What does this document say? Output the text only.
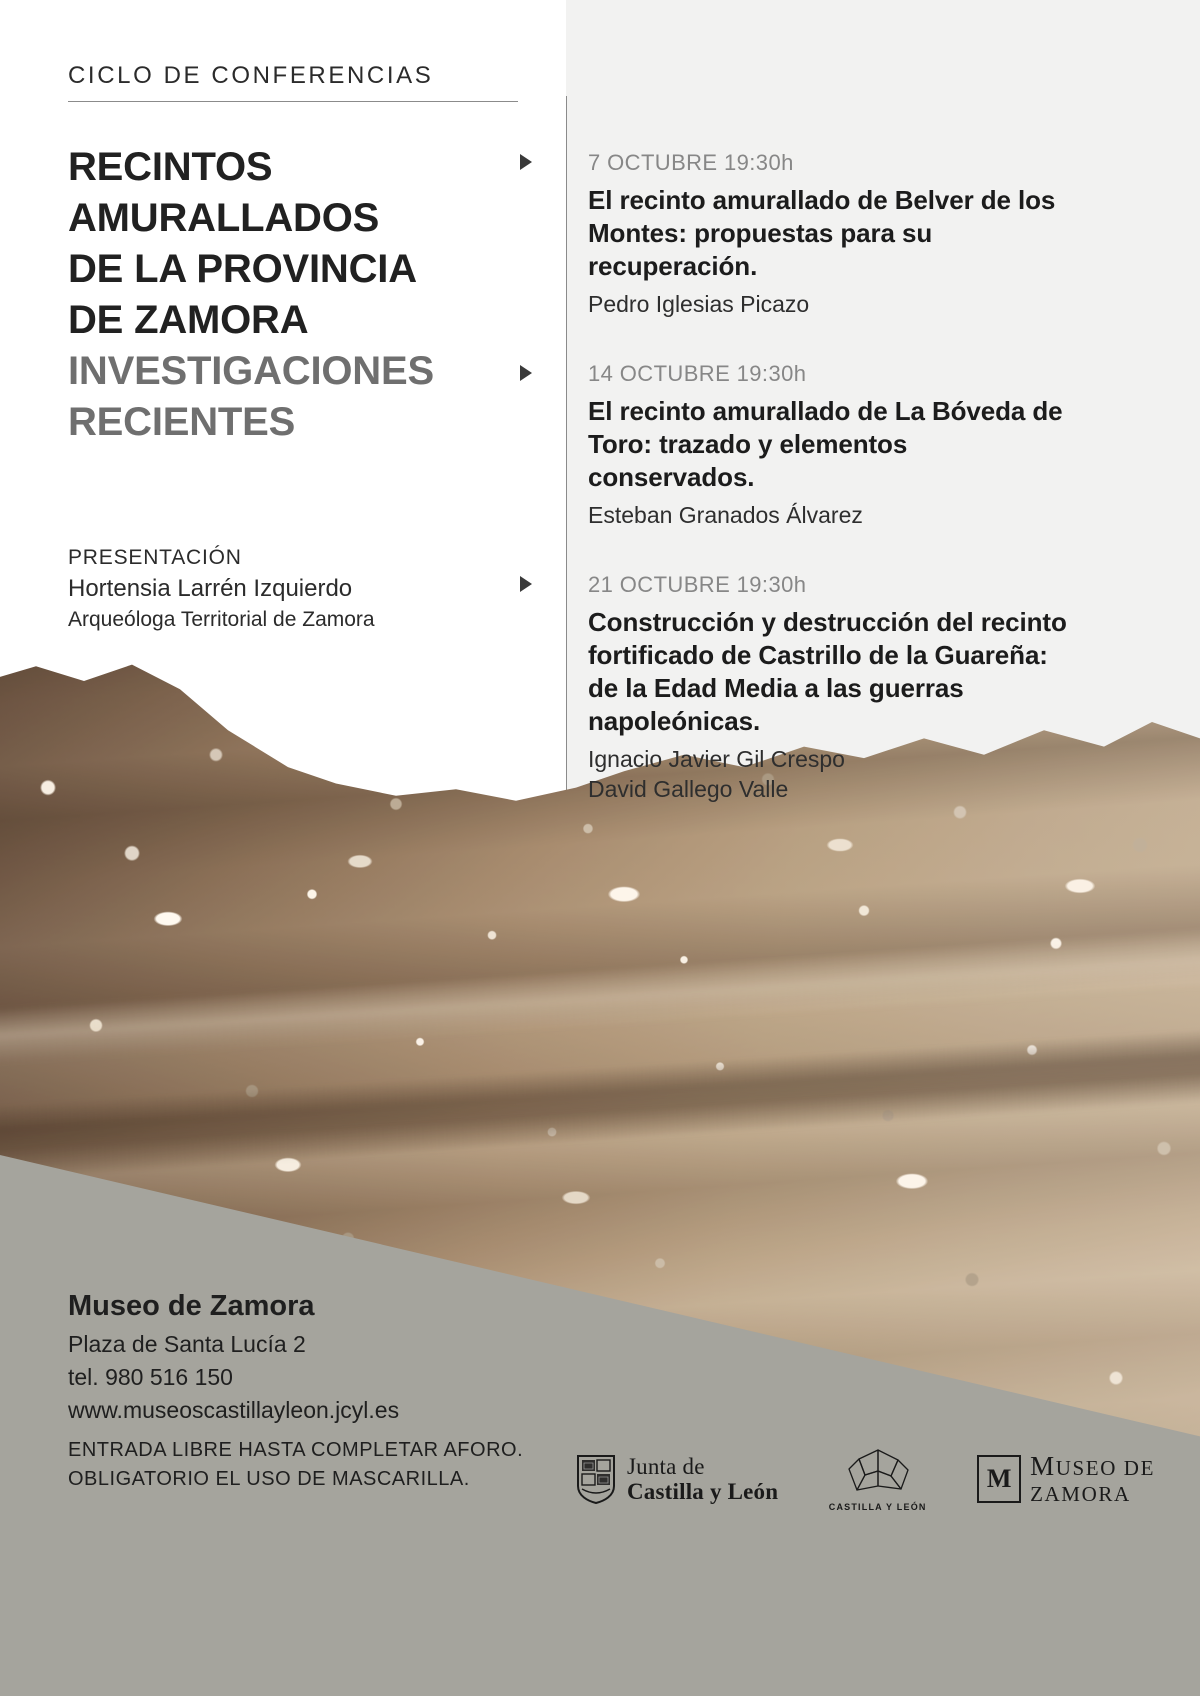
CICLO DE CONFERENCIAS
RECINTOS
AMURALLADOS
DE LA PROVINCIA
DE ZAMORA
INVESTIGACIONES
RECIENTES
PRESENTACIÓN
Hortensia Larrén Izquierdo
Arqueóloga Territorial de Zamora
7 OCTUBRE 19:30h
El recinto amurallado de Belver de los Montes: propuestas para su recuperación.
Pedro Iglesias Picazo
14 OCTUBRE 19:30h
El recinto amurallado de La Bóveda de Toro: trazado y elementos conservados.
Esteban Granados Álvarez
21 OCTUBRE 19:30h
Construcción y destrucción del recinto fortificado de Castrillo de la Guareña: de la Edad Media a las guerras napoleónicas.
Ignacio Javier Gil Crespo
David Gallego Valle
Museo de Zamora
Plaza de Santa Lucía 2
tel. 980 516 150
www.museoscastillayleon.jcyl.es
ENTRADA LIBRE HASTA COMPLETAR AFORO.
OBLIGATORIO EL USO DE MASCARILLA.	Junta de
Castilla y León
CASTILLA Y LEÓN
M MUSEO DE
ZAMORA
